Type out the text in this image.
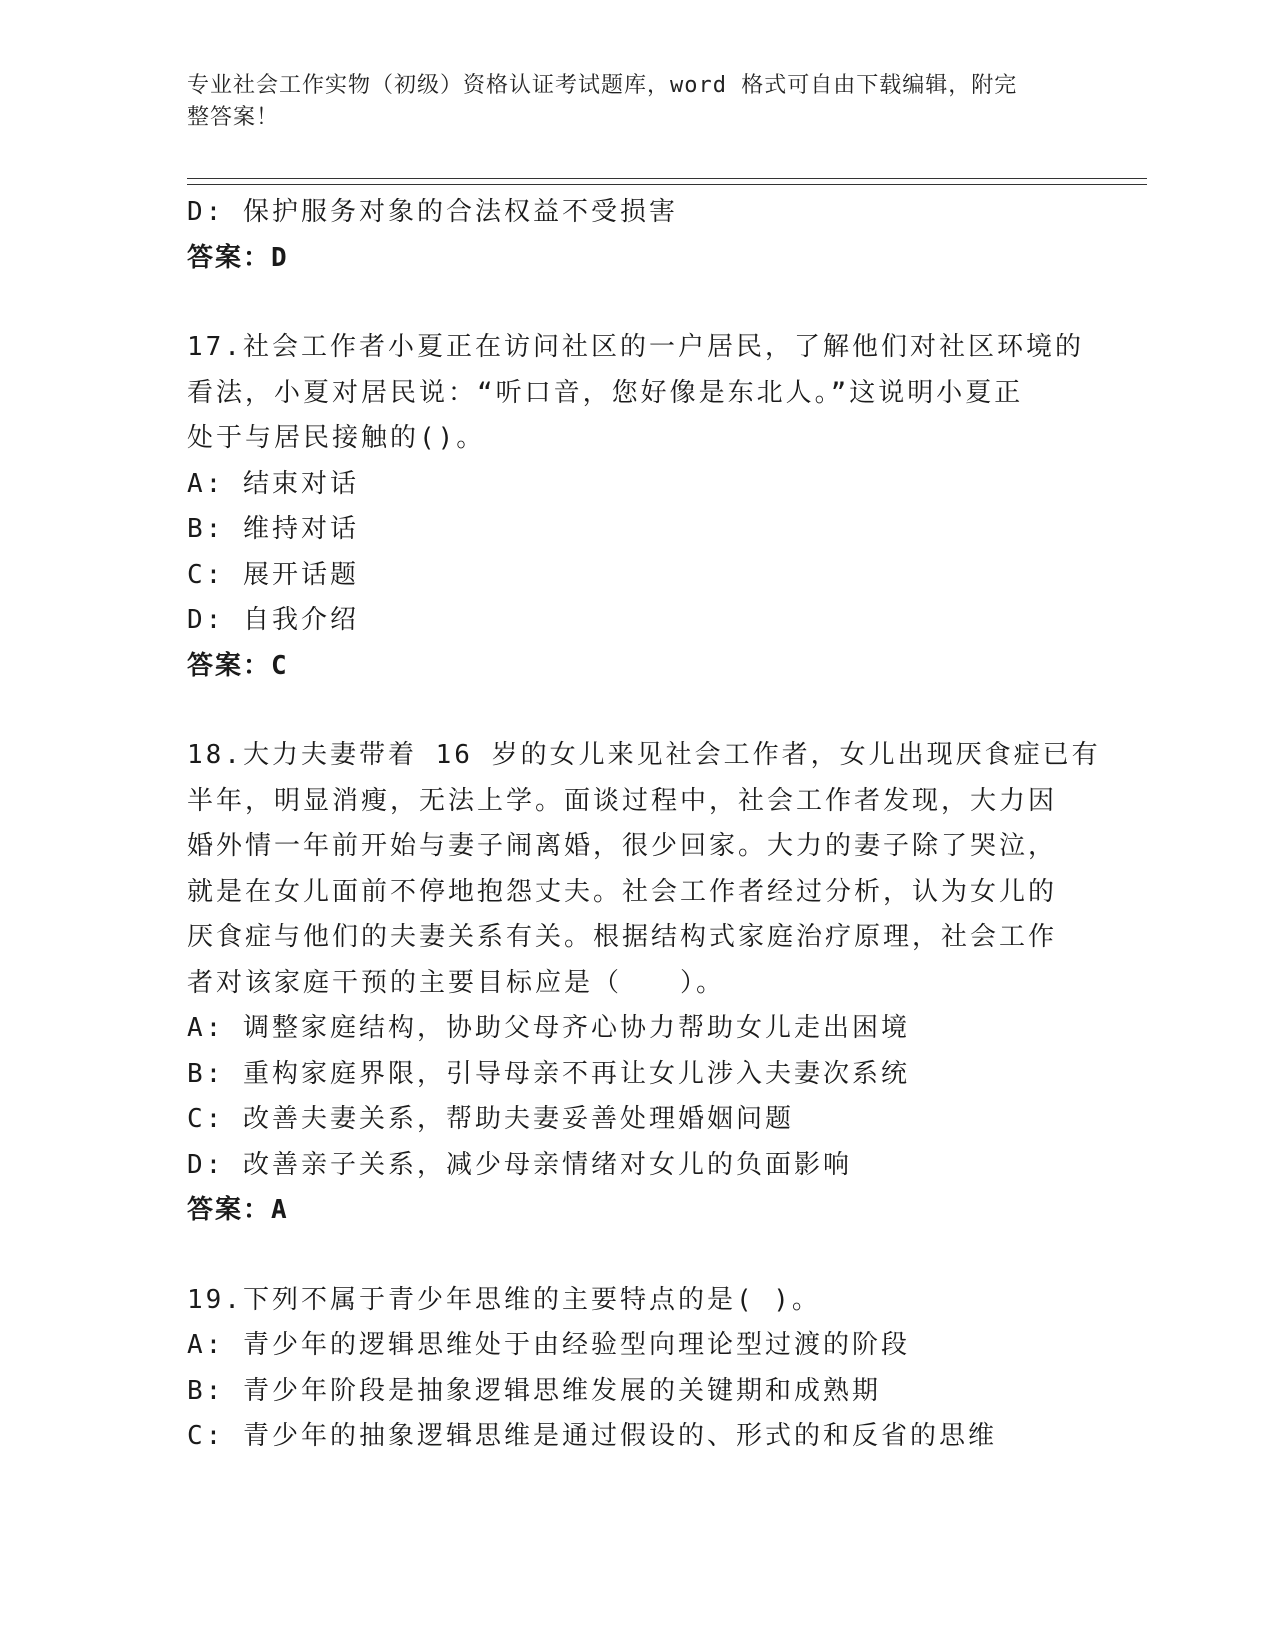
专业社会工作实物（初级）资格认证考试题库，word 格式可自由下载编辑，附完
整答案！
D: 保护服务对象的合法权益不受损害
答案：D
17.社会工作者小夏正在访问社区的一户居民，了解他们对社区环境的
看法，小夏对居民说：“听口音，您好像是东北人。”这说明小夏正
处于与居民接触的()。
A: 结束对话
B: 维持对话
C: 展开话题
D: 自我介绍
答案：C
18.大力夫妻带着 16 岁的女儿来见社会工作者，女儿出现厌食症已有
半年，明显消瘦，无法上学。面谈过程中，社会工作者发现，大力因
婚外情一年前开始与妻子闹离婚，很少回家。大力的妻子除了哭泣，
就是在女儿面前不停地抱怨丈夫。社会工作者经过分析，认为女儿的
厌食症与他们的夫妻关系有关。根据结构式家庭治疗原理，社会工作
者对该家庭干预的主要目标应是（　　）。
A: 调整家庭结构，协助父母齐心协力帮助女儿走出困境
B: 重构家庭界限，引导母亲不再让女儿涉入夫妻次系统
C: 改善夫妻关系，帮助夫妻妥善处理婚姻问题
D: 改善亲子关系，减少母亲情绪对女儿的负面影响
答案：A
19.下列不属于青少年思维的主要特点的是( )。
A: 青少年的逻辑思维处于由经验型向理论型过渡的阶段
B: 青少年阶段是抽象逻辑思维发展的关键期和成熟期
C: 青少年的抽象逻辑思维是通过假设的、形式的和反省的思维
